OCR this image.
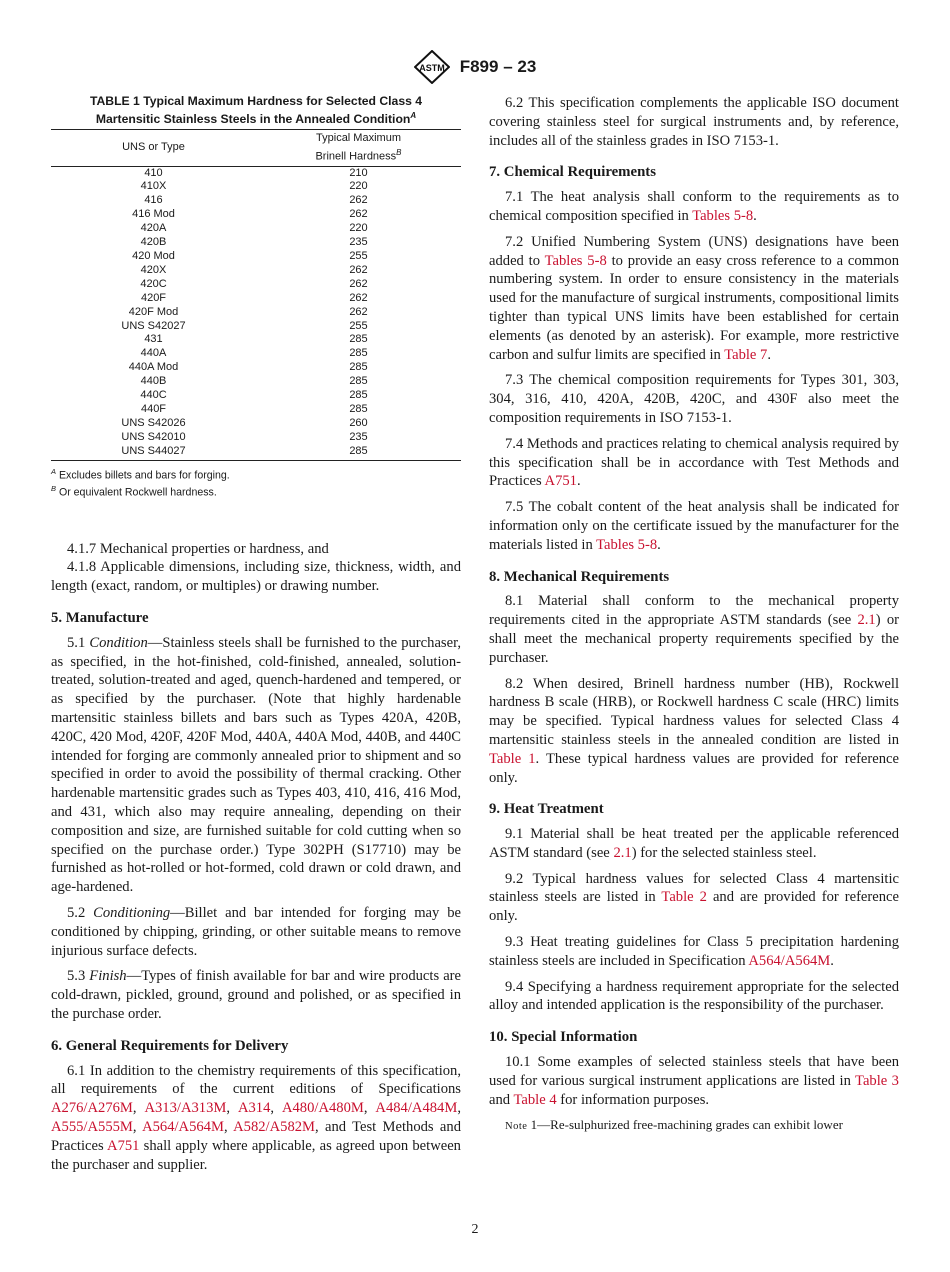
ASTM F899 – 23
TABLE 1 Typical Maximum Hardness for Selected Class 4
Martensitic Stainless Steels in the Annealed Condition$^A$
UNS or Type	Typical Maximum
Brinell Hardness$^B$
410	210
410X	220
416	262
416 Mod	262
420A	220
420B	235
420 Mod	255
420X	262
420C	262
420F	262
420F Mod	262
UNS S42027	255
431	285
440A	285
440A Mod	285
440B	285
440C	285
440F	285
UNS S42026	260
UNS S42010	235
UNS S44027	285
$^A$ Excludes billets and bars for forging.
$^B$ Or equivalent Rockwell hardness.

4.1.7 Mechanical properties or hardness, and

4.1.8 Applicable dimensions, including size, thickness, width, and length (exact, random, or multiples) or drawing number.

5. Manufacture

5.1 Condition—Stainless steels shall be furnished to the purchaser, as specified, in the hot-finished, cold-finished, annealed, solution-treated, solution-treated and aged, quench-hardened and tempered, or as specified by the purchaser. (Note that highly hardenable martensitic stainless billets and bars such as Types 420A, 420B, 420C, 420 Mod, 420F, 420F Mod, 440A, 440A Mod, 440B, and 440C intended for forging are commonly annealed prior to shipment and so specified in order to avoid the possibility of thermal cracking. Other hardenable martensitic grades such as Types 403, 410, 416, 416 Mod, and 431, which also may require annealing, depending on their composition and size, are furnished suitable for cold cutting when so specified on the purchase order.) Type 302PH (S17710) may be furnished as hot-rolled or hot-formed, cold drawn or cold drawn, and age-hardened.

5.2 Conditioning—Billet and bar intended for forging may be conditioned by chipping, grinding, or other suitable means to remove injurious surface defects.

5.3 Finish—Types of finish available for bar and wire products are cold-drawn, pickled, ground, ground and polished, or as specified in the purchase order.

6. General Requirements for Delivery

6.1 In addition to the chemistry requirements of this specification, all requirements of the current editions of Specifications A276/A276M, A313/A313M, A314, A480/A480M, A484/A484M, A555/A555M, A564/A564M, A582/A582M, and Test Methods and Practices A751 shall apply where applicable, as agreed upon between the purchaser and supplier.

6.2 This specification complements the applicable ISO document covering stainless steel for surgical instruments and, by reference, includes all of the stainless grades in ISO 7153-1.

7. Chemical Requirements

7.1 The heat analysis shall conform to the requirements as to chemical composition specified in Tables 5-8.

7.2 Unified Numbering System (UNS) designations have been added to Tables 5-8 to provide an easy cross reference to a common numbering system. In order to ensure consistency in the materials used for the manufacture of surgical instruments, compositional limits tighter than typical UNS limits have been established for certain elements (as denoted by an asterisk). For example, more restrictive carbon and sulfur limits are specified in Table 7.

7.3 The chemical composition requirements for Types 301, 303, 304, 316, 410, 420A, 420B, 420C, and 430F also meet the composition requirements in ISO 7153-1.

7.4 Methods and practices relating to chemical analysis required by this specification shall be in accordance with Test Methods and Practices A751.

7.5 The cobalt content of the heat analysis shall be indicated for information only on the certificate issued by the manufacturer for the materials listed in Tables 5-8.

8. Mechanical Requirements

8.1 Material shall conform to the mechanical property requirements cited in the appropriate ASTM standards (see 2.1) or shall meet the mechanical property requirements specified by the purchaser.

8.2 When desired, Brinell hardness number (HB), Rockwell hardness B scale (HRB), or Rockwell hardness C scale (HRC) limits may be specified. Typical hardness values for selected Class 4 martensitic stainless steels in the annealed condition are listed in Table 1. These typical hardness values are provided for reference only.

9. Heat Treatment

9.1 Material shall be heat treated per the applicable referenced ASTM standard (see 2.1) for the selected stainless steel.

9.2 Typical hardness values for selected Class 4 martensitic stainless steels are listed in Table 2 and are provided for reference only.

9.3 Heat treating guidelines for Class 5 precipitation hardening stainless steels are included in Specification A564/A564M.

9.4 Specifying a hardness requirement appropriate for the selected alloy and intended application is the responsibility of the purchaser.

10. Special Information

10.1 Some examples of selected stainless steels that have been used for various surgical instrument applications are listed in Table 3 and Table 4 for information purposes.

Note 1—Re-sulphurized free-machining grades can exhibit lower
2
